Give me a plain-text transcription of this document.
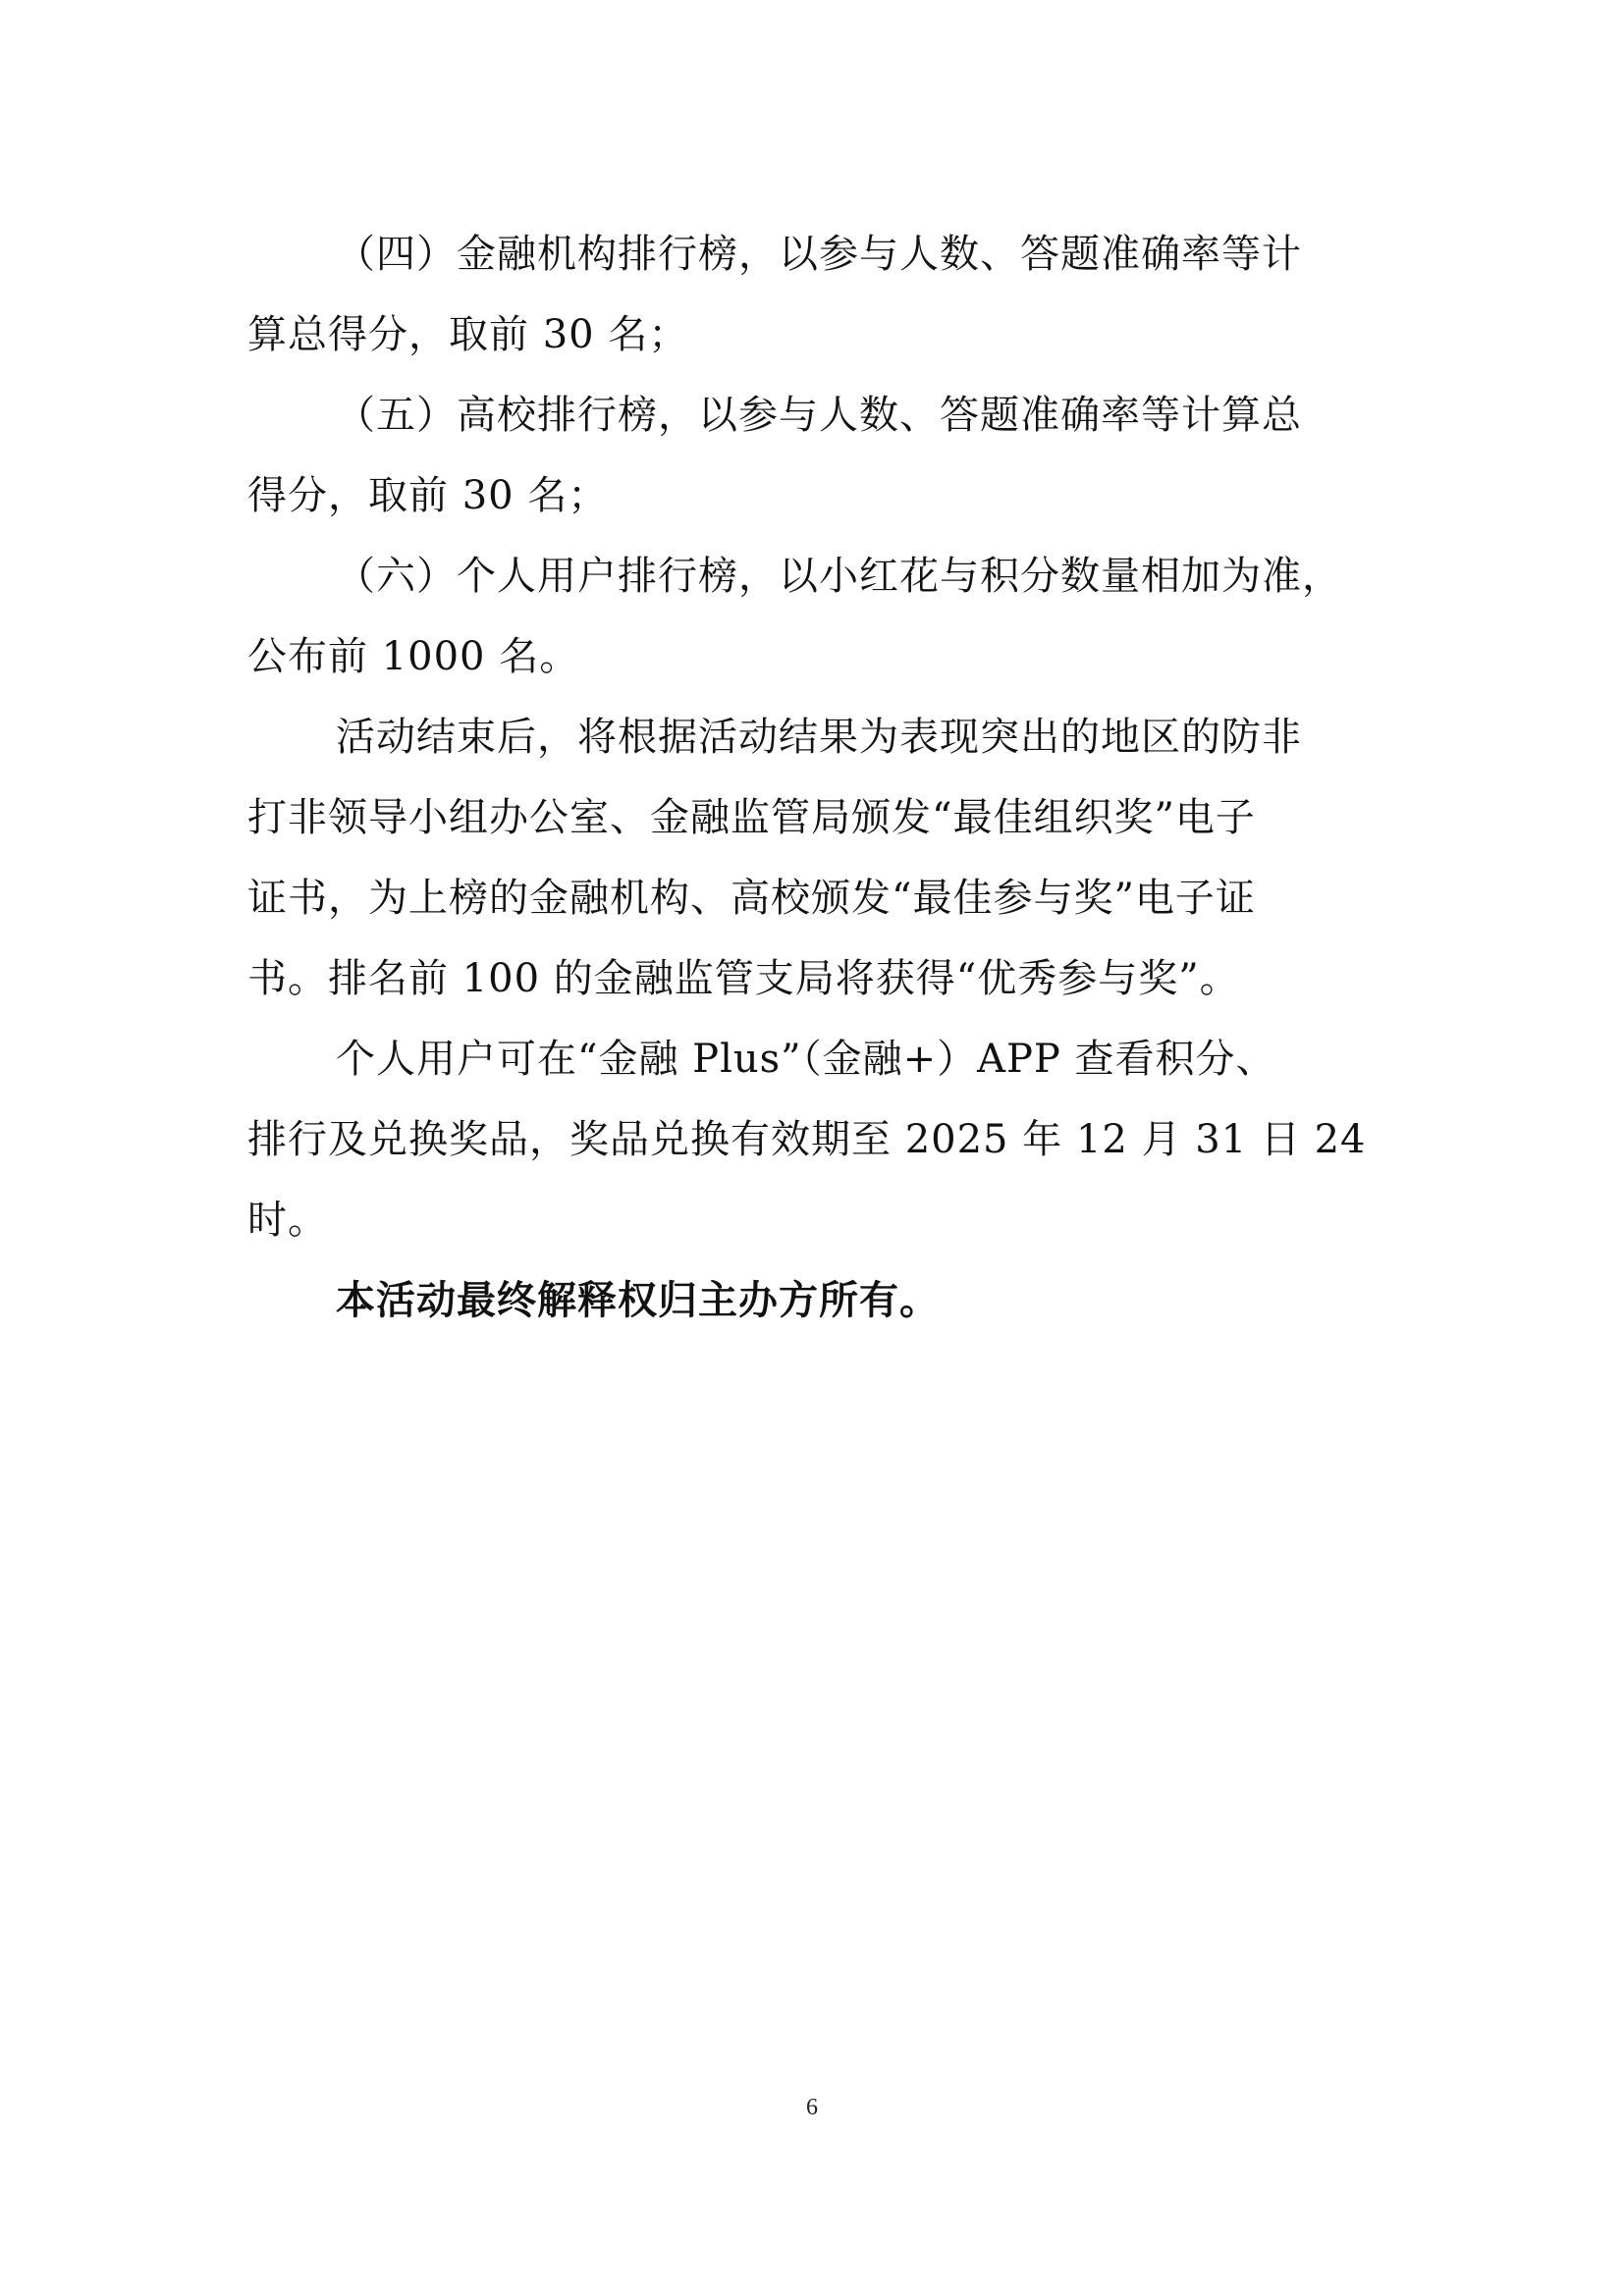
（四）金融机构排行榜，以参与人数、答题准确率等计
算总得分，取前 30 名；

（五）高校排行榜，以参与人数、答题准确率等计算总
得分，取前 30 名；

（六）个人用户排行榜，以小红花与积分数量相加为准，
公布前 1000 名。

活动结束后，将根据活动结果为表现突出的地区的防非
打非领导小组办公室、金融监管局颁发“最佳组织奖”电子
证书，为上榜的金融机构、高校颁发“最佳参与奖”电子证
书。排名前 100 的金融监管支局将获得“优秀参与奖”。

个人用户可在“金融 Plus”（金融+）APP 查看积分、
排行及兑换奖品，奖品兑换有效期至 2025 年 12 月 31 日 24
时。

本活动最终解释权归主办方所有。

6
